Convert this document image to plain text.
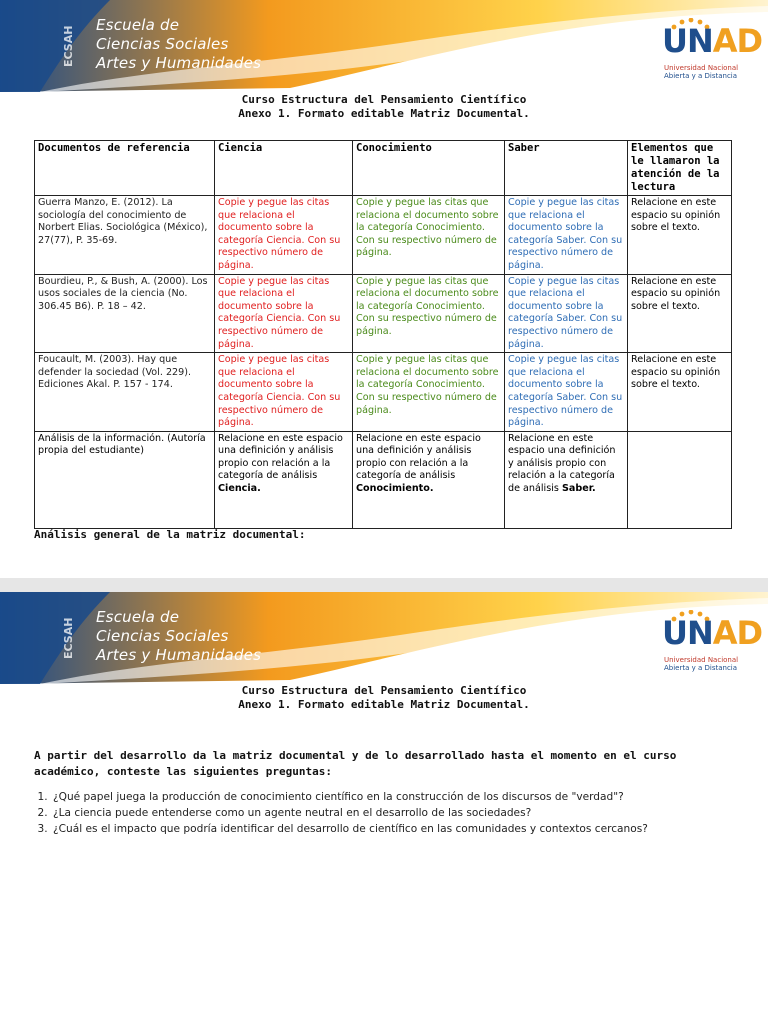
ECSAH
Escuela de
Ciencias Sociales
Artes y Humanidades
UNAD
Universidad Nacional
Abierta y a Distancia
Curso Estructura del Pensamiento Científico
Anexo 1. Formato editable Matriz Documental.
Documentos de referencia	Ciencia	Conocimiento	Saber	Elementos que le llamaron la atención de la lectura
Guerra Manzo, E. (2012). La sociología del conocimiento de Norbert Elias. Sociológica (México), 27(77), P. 35-69.	Copie y pegue las citas que relaciona el documento sobre la categoría Ciencia. Con su respectivo número de página.	Copie y pegue las citas que relaciona el documento sobre la categoría Conocimiento. Con su respectivo número de página.	Copie y pegue las citas que relaciona el documento sobre la categoría Saber. Con su respectivo número de página.	Relacione en este espacio su opinión sobre el texto.
Bourdieu, P., & Bush, A. (2000). Los usos sociales de la ciencia (No. 306.45 B6). P. 18 – 42.	Copie y pegue las citas que relaciona el documento sobre la categoría Ciencia. Con su respectivo número de página.	Copie y pegue las citas que relaciona el documento sobre la categoría Conocimiento. Con su respectivo número de página.	Copie y pegue las citas que relaciona el documento sobre la categoría Saber. Con su respectivo número de página.	Relacione en este espacio su opinión sobre el texto.
Foucault, M. (2003). Hay que defender la sociedad (Vol. 229). Ediciones Akal. P. 157 - 174.	Copie y pegue las citas que relaciona el documento sobre la categoría Ciencia. Con su respectivo número de página.	Copie y pegue las citas que relaciona el documento sobre la categoría Conocimiento. Con su respectivo número de página.	Copie y pegue las citas que relaciona el documento sobre la categoría Saber. Con su respectivo número de página.	Relacione en este espacio su opinión sobre el texto.
Análisis de la información. (Autoría propia del estudiante)	Relacione en este espacio una definición y análisis propio con relación a la categoría de análisis Ciencia.	Relacione en este espacio una definición y análisis propio con relación a la categoría de análisis Conocimiento.	Relacione en este espacio una definición y análisis propio con relación a la categoría de análisis Saber.	
Análisis general de la matriz documental:
ECSAH
Escuela de
Ciencias Sociales
Artes y Humanidades
UNAD
Universidad Nacional
Abierta y a Distancia
Curso Estructura del Pensamiento Científico
Anexo 1. Formato editable Matriz Documental.
A partir del desarrollo da la matriz documental y de lo desarrollado hasta el momento en el curso académico, conteste las siguientes preguntas:
1. ¿Qué papel juega la producción de conocimiento científico en la construcción de los discursos de "verdad"?
2. ¿La ciencia puede entenderse como un agente neutral en el desarrollo de las sociedades?
3. ¿Cuál es el impacto que podría identificar del desarrollo de científico en las comunidades y contextos cercanos?
